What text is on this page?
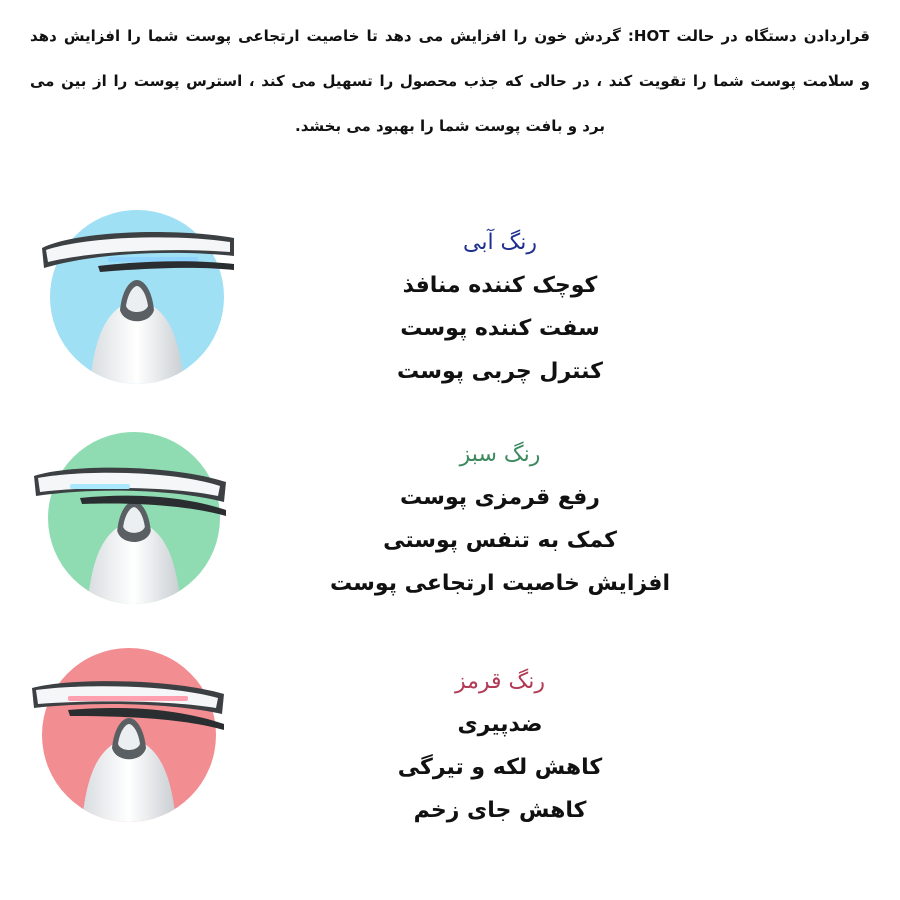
قراردادن دستگاه در حالت HOT: گردش خون را افزایش می دهد تا خاصیت ارتجاعی پوست شما را افزایش دهد
و سلامت پوست شما را تقویت کند ، در حالی که جذب محصول را تسهیل می کند ، استرس پوست را از بین می
برد و بافت پوست شما را بهبود می بخشد.
رنگ آبی
کوچک کننده منافذ
سفت کننده پوست
کنترل چربی پوست
رنگ سبز
رفع قرمزی پوست
کمک به تنفس پوستی
افزایش خاصیت ارتجاعی پوست
رنگ قرمز
ضدپیری
کاهش لکه و تیرگی
کاهش جای زخم
